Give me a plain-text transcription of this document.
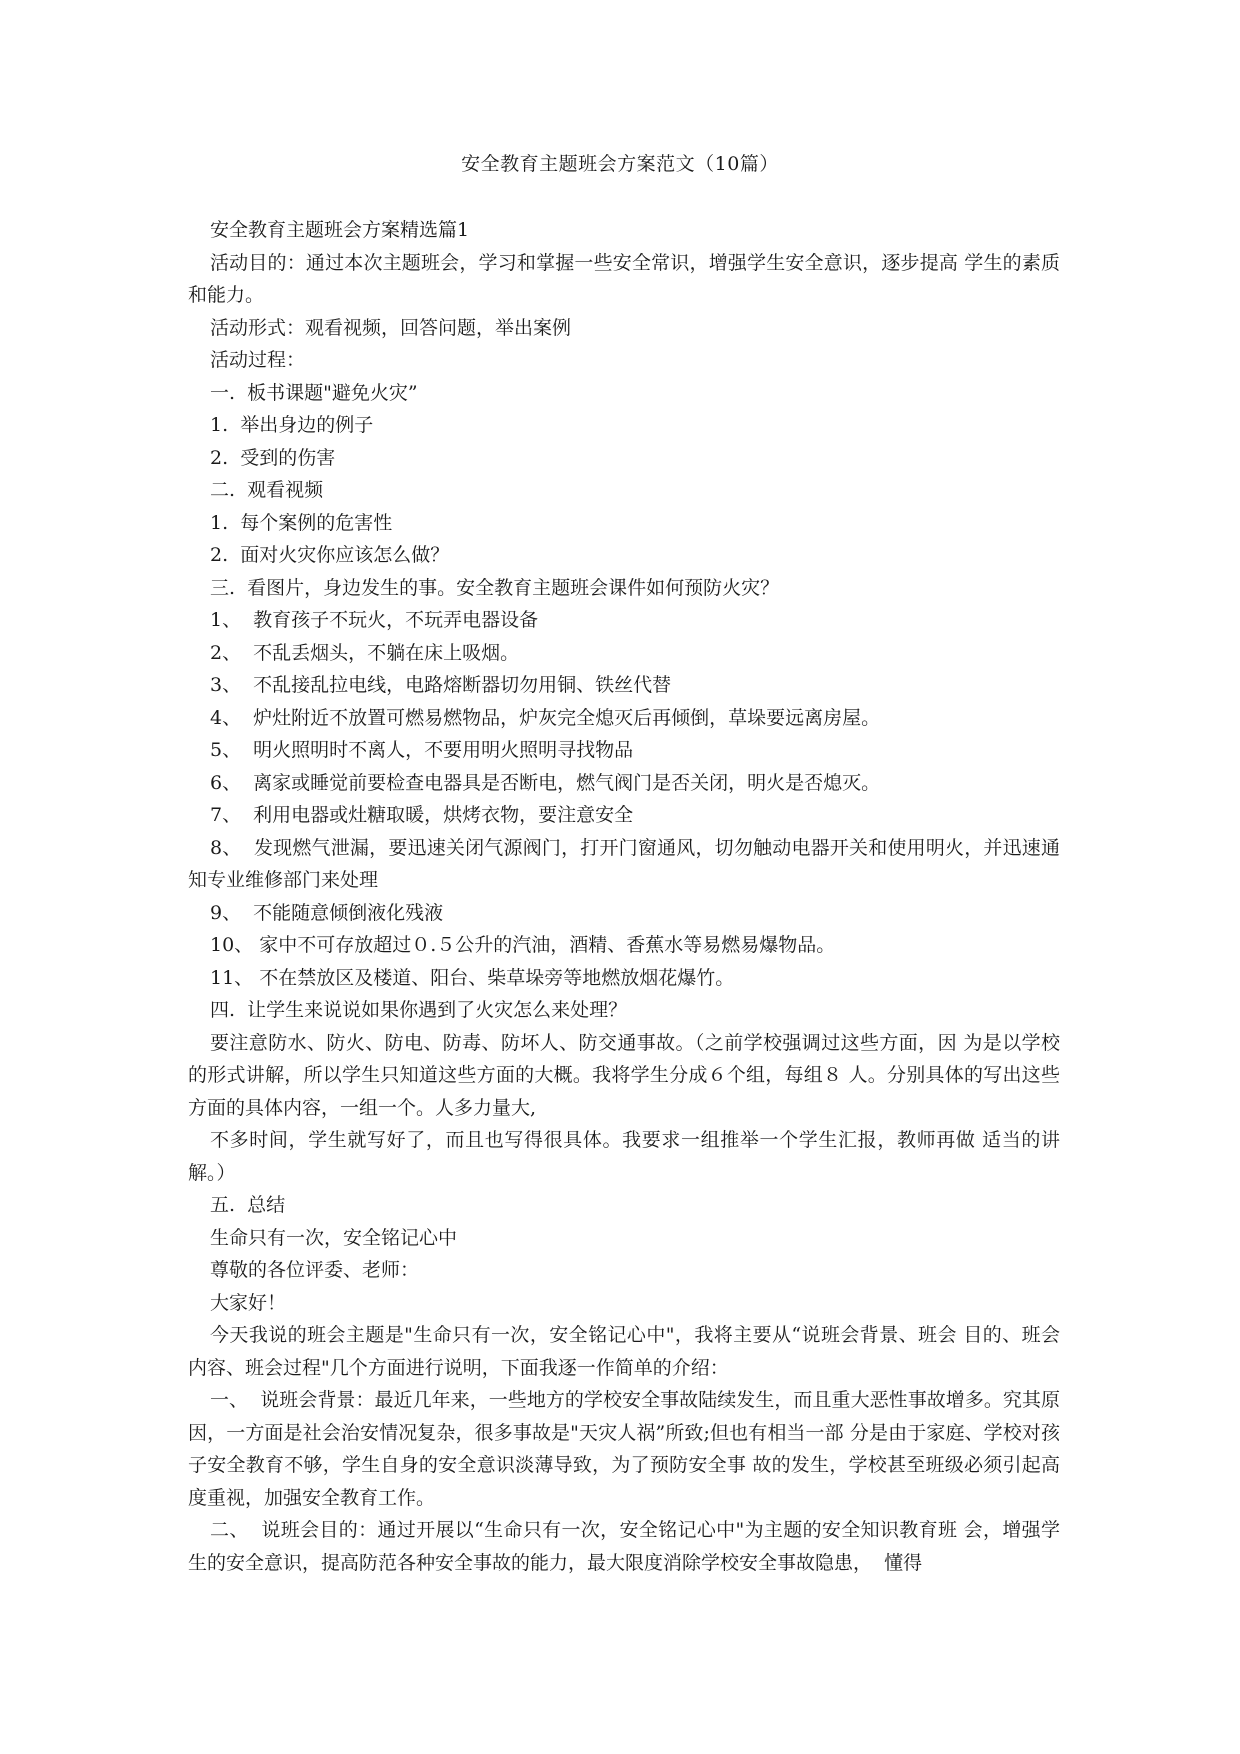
安全教育主题班会方案范文（10篇）

安全教育主题班会方案精选篇1

活动目的：通过本次主题班会，学习和掌握一些安全常识，增强学生安全意识，逐步提高 学生的素质和能力。

活动形式：观看视频，回答问题，举出案例

活动过程：

一.  板书课题"避免火灾”

1.  举出身边的例子

2.  受到的伤害

二.  观看视频

1.  每个案例的危害性

2.  面对火灾你应该怎么做？

三.  看图片，身边发生的事。安全教育主题班会课件如何预防火灾？

1、  教育孩子不玩火，不玩弄电器设备

2、  不乱丢烟头，不躺在床上吸烟。

3、  不乱接乱拉电线，电路熔断器切勿用铜、铁丝代替

4、  炉灶附近不放置可燃易燃物品，炉灰完全熄灭后再倾倒，草垛要远离房屋。

5、  明火照明时不离人，不要用明火照明寻找物品

6、  离家或睡觉前要检查电器具是否断电，燃气阀门是否关闭，明火是否熄灭。

7、  利用电器或灶糖取暖，烘烤衣物，要注意安全

8、  发现燃气泄漏，要迅速关闭气源阀门，打开门窗通风，切勿触动电器开关和使用明火，并迅速通知专业维修部门来处理

9、  不能随意倾倒液化残液

10、 家中不可存放超过０.５公升的汽油，酒精、香蕉水等易燃易爆物品。

11、 不在禁放区及楼道、阳台、柴草垛旁等地燃放烟花爆竹。

四.  让学生来说说如果你遇到了火灾怎么来处理？

要注意防水、防火、防电、防毒、防坏人、防交通事故。（之前学校强调过这些方面，因 为是以学校的形式讲解，所以学生只知道这些方面的大概。我将学生分成６个组，每组８ 人。分别具体的写出这些方面的具体内容，一组一个。人多力量大,

不多时间，学生就写好了，而且也写得很具体。我要求一组推举一个学生汇报，教师再做 适当的讲解。）

五.  总结

生命只有一次，安全铭记心中

尊敬的各位评委、老师：

大家好！

今天我说的班会主题是"生命只有一次，安全铭记心中"，我将主要从“说班会背景、班会 目的、班会内容、班会过程"几个方面进行说明，下面我逐一作简单的介绍：

一、  说班会背景：最近几年来，一些地方的学校安全事故陆续发生，而且重大恶性事故增多。究其原因，一方面是社会治安情况复杂，很多事故是"天灾人祸”所致;但也有相当一部 分是由于家庭、学校对孩子安全教育不够，学生自身的安全意识淡薄导致，为了预防安全事 故的发生，学校甚至班级必须引起高度重视，加强安全教育工作。

二、  说班会目的：通过开展以“生命只有一次，安全铭记心中"为主题的安全知识教育班 会，增强学生的安全意识，提高防范各种安全事故的能力，最大限度消除学校安全事故隐患，  懂得
